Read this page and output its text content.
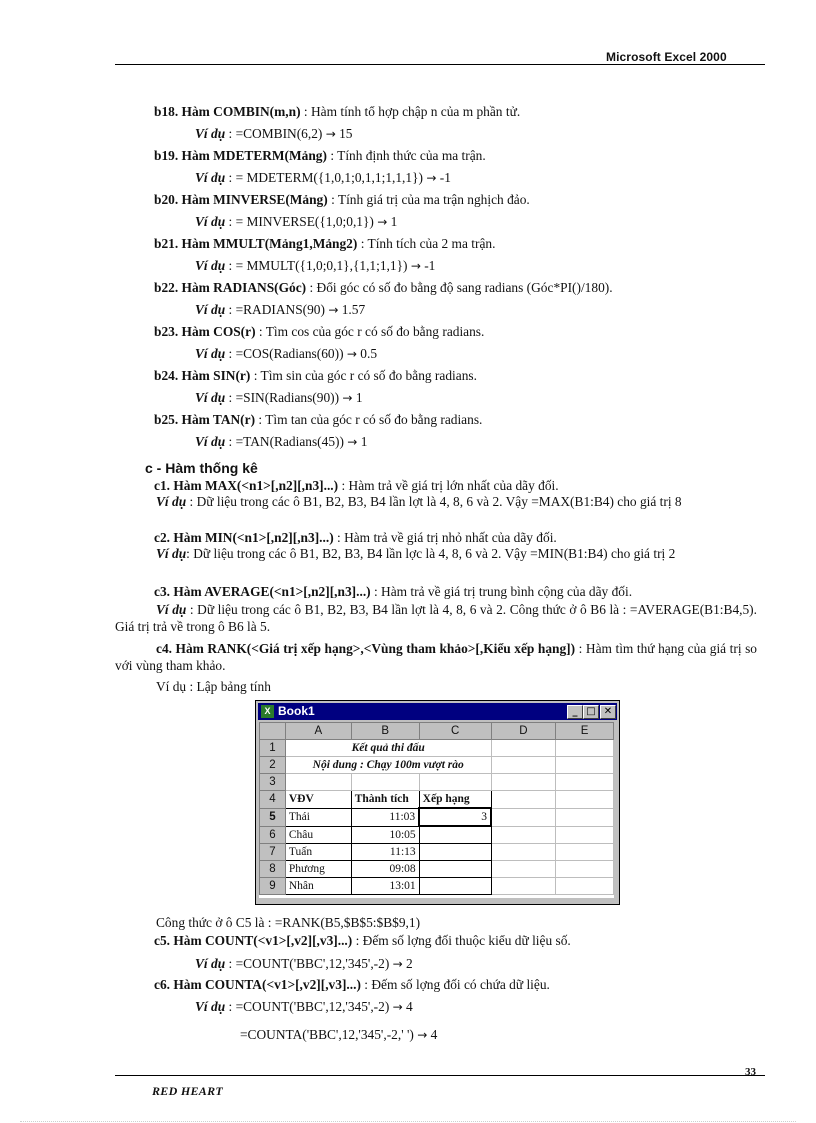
Microsoft Excel 2000
b18. Hàm COMBIN(m,n) : Hàm tính tổ hợp chập n của m phần tử.
Ví dụ : =COMBIN(6,2) → 15
b19. Hàm MDETERM(Mảng) : Tính định thức của ma trận.
Ví dụ : = MDETERM({1,0,1;0,1,1;1,1,1}) → -1
b20. Hàm MINVERSE(Mảng) : Tính giá trị của ma trận nghịch đảo.
Ví dụ : = MINVERSE({1,0;0,1}) → 1
b21. Hàm MMULT(Mảng1,Mảng2) : Tính tích của 2 ma trận.
Ví dụ : = MMULT({1,0;0,1},{1,1;1,1}) → -1
b22. Hàm RADIANS(Góc) : Đổi góc có số đo bằng độ sang radians (Góc*PI()/180).
Ví dụ : =RADIANS(90) → 1.57
b23. Hàm COS(r) : Tìm cos của góc r có số đo bằng radians.
Ví dụ : =COS(Radians(60)) → 0.5
b24. Hàm SIN(r) : Tìm sin của góc r có số đo bằng radians.
Ví dụ : =SIN(Radians(90)) → 1
b25. Hàm TAN(r) : Tìm tan của góc r có số đo bằng radians.
Ví dụ : =TAN(Radians(45)) → 1
c - Hàm thống kê
c1. Hàm MAX(<n1>[,n2][,n3]...) : Hàm trả về giá trị lớn nhất của dãy đối.
Ví dụ : Dữ liệu trong các ô B1, B2, B3, B4 lần lợt là 4, 8, 6 và 2. Vậy =MAX(B1:B4) cho giá trị 8
c2. Hàm MIN(<n1>[,n2][,n3]...) : Hàm trả về giá trị nhỏ nhất của dãy đối.
Ví dụ: Dữ liệu trong các ô B1, B2, B3, B4 lần lợc là 4, 8, 6 và 2. Vậy =MIN(B1:B4) cho giá trị 2
c3. Hàm AVERAGE(<n1>[,n2][,n3]...) : Hàm trả về giá trị trung bình cộng của dãy đối.
Ví dụ : Dữ liệu trong các ô B1, B2, B3, B4 lần lợt là 4, 8, 6 và 2. Công thức ở ô B6 là : =AVERAGE(B1:B4,5). Giá trị trả về trong ô B6 là 5.
c4. Hàm RANK(<Giá trị xếp hạng>,<Vùng tham khảo>[,Kiểu xếp hạng]) : Hàm tìm thứ hạng của giá trị so với vùng tham khảo.
Ví dụ : Lập bảng tính
X Book1	_ □ ✕
	A	B	C	D	E
1	Kết quả thi đấu				
2	Nội dung : Chạy 100m vượt rào				
3					
4	VĐV	Thành tích	Xếp hạng		
5	Thái	11:03	3		
6	Châu	10:05			
7	Tuấn	11:13			
8	Phương	09:08			
9	Nhân	13:01			
Công thức ở ô C5 là : =RANK(B5,$B$5:$B$9,1)
c5. Hàm COUNT(<v1>[,v2][,v3]...) : Đếm số lợng đối thuộc kiểu dữ liệu số.
Ví dụ : =COUNT('BBC',12,'345',-2) → 2
c6. Hàm COUNTA(<v1>[,v2][,v3]...) : Đếm số lợng đối có chứa dữ liệu.
Ví dụ : =COUNT('BBC',12,'345',-2) → 4
=COUNTA('BBC',12,'345',-2,' ') → 4
33
RED HEART
